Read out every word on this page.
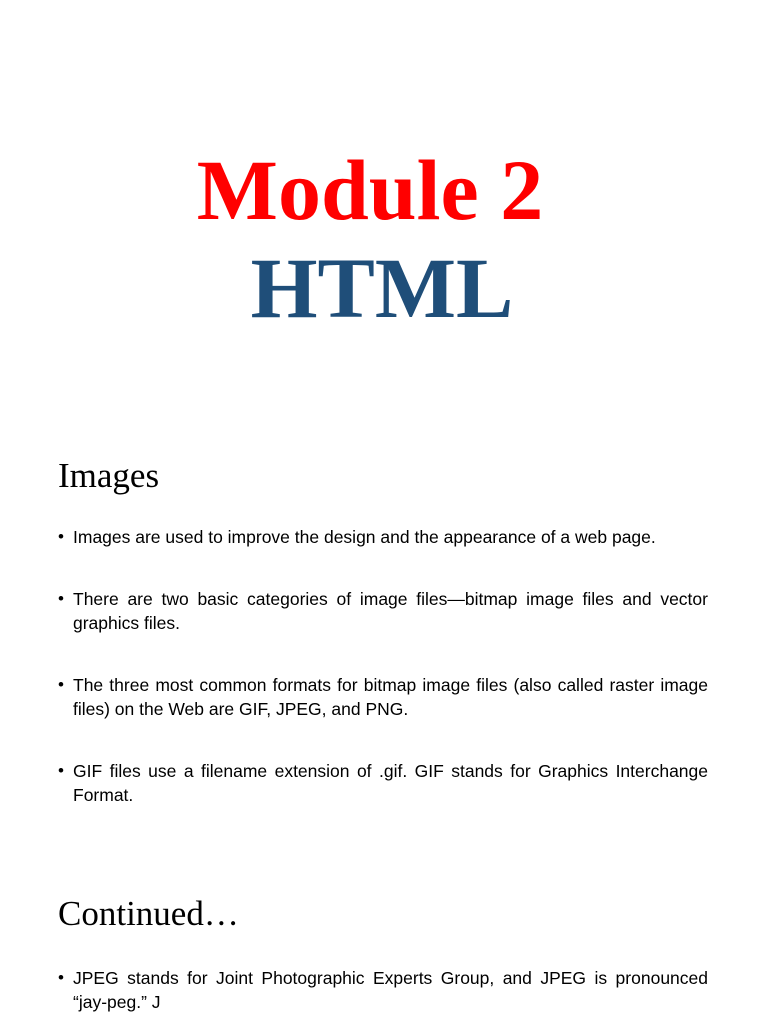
Module 2
HTML
Images
• Images are used to improve the design and the appearance of a web page.
• There are two basic categories of image files—bitmap image files and vector graphics files.
• The three most common formats for bitmap image files (also called raster image files) on the Web are GIF, JPEG, and PNG.
• GIF files use a filename extension of .gif. GIF stands for Graphics Interchange Format.
Continued…
• JPEG stands for Joint Photographic Experts Group, and JPEG is pronounced “jay-peg.” J
